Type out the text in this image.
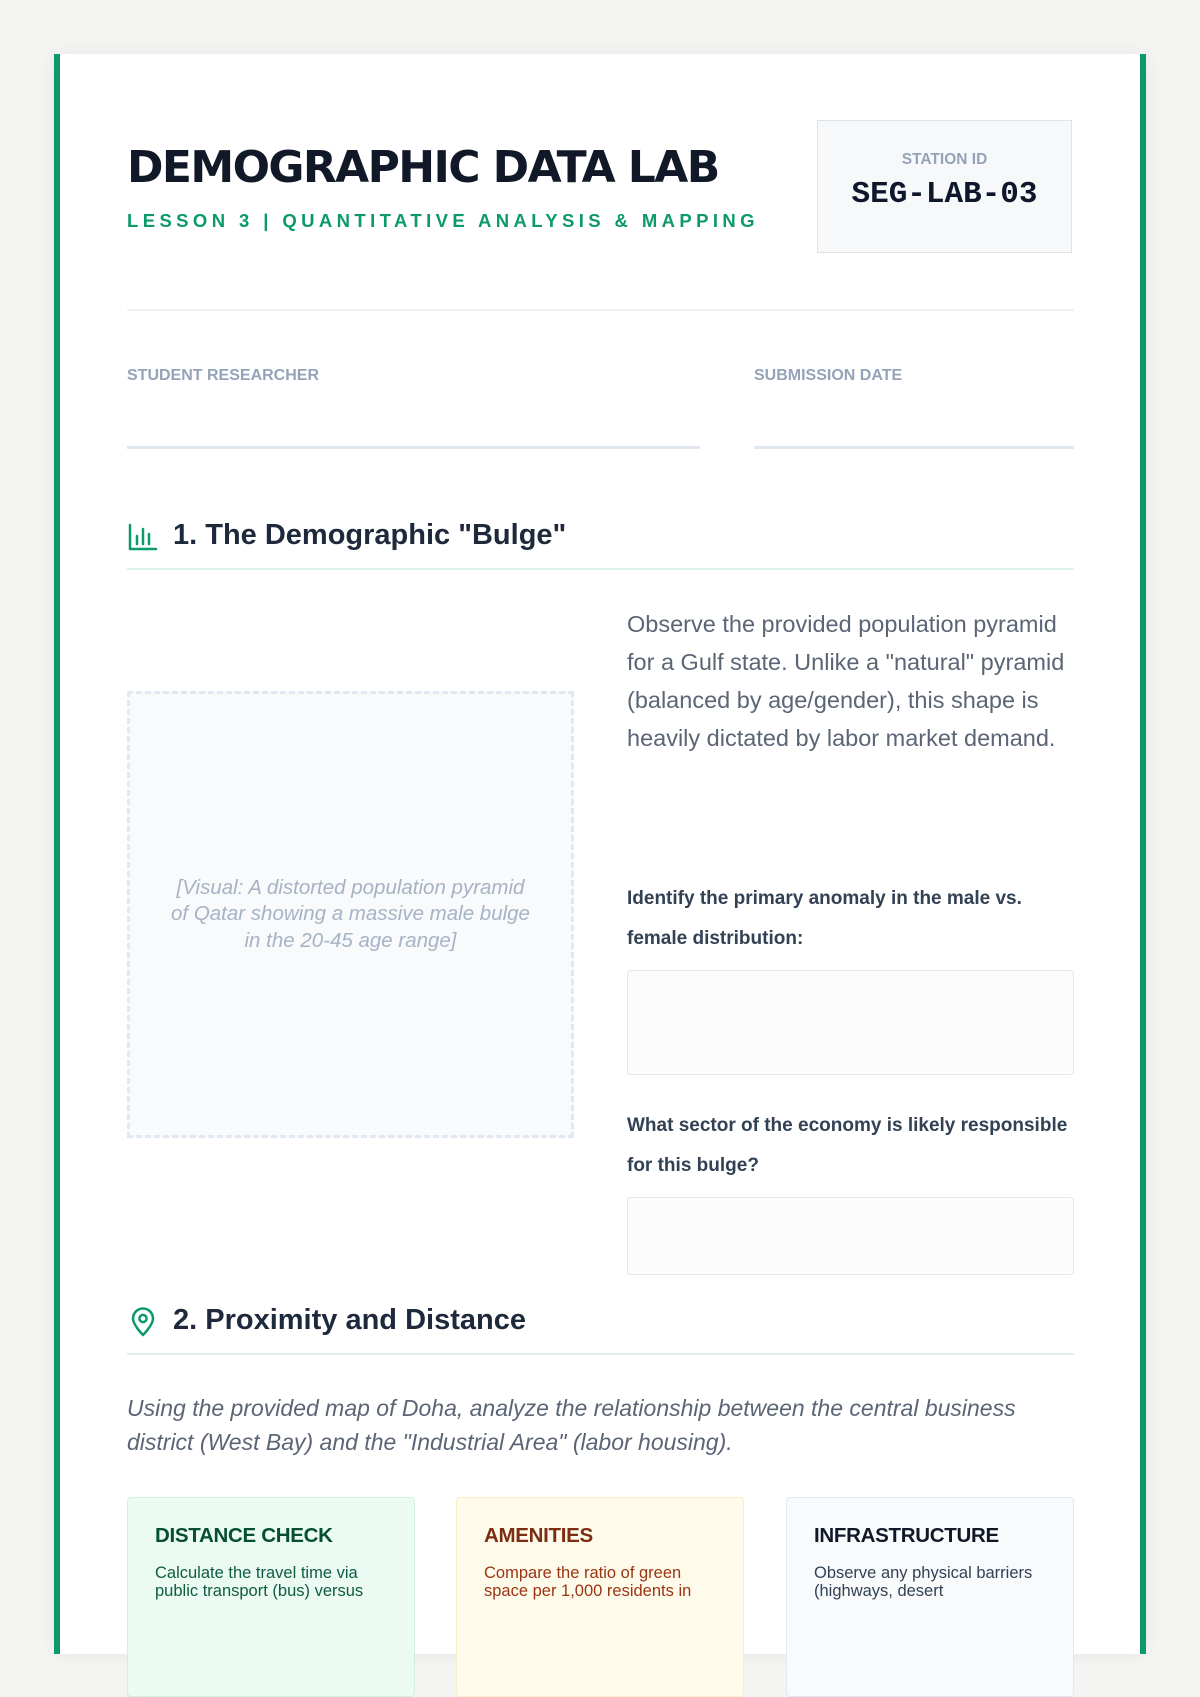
DEMOGRAPHIC DATA LAB
LESSON 3 | QUANTITATIVE ANALYSIS & MAPPING
STATION ID
SEG-LAB-03
STUDENT RESEARCHER	SUBMISSION DATE
1. The Demographic "Bulge"
[Visual: A distorted population pyramid of Qatar showing a massive male bulge in the 20-45 age range]
Observe the provided population pyramid for a Gulf state. Unlike a "natural" pyramid (balanced by age/gender), this shape is heavily dictated by labor market demand.
Identify the primary anomaly in the male vs. female distribution:
What sector of the economy is likely responsible for this bulge?
2. Proximity and Distance
Using the provided map of Doha, analyze the relationship between the central business district (West Bay) and the "Industrial Area" (labor housing).
DISTANCE CHECK
Calculate the travel time via public transport (bus) versus
AMENITIES
Compare the ratio of green space per 1,000 residents in
INFRASTRUCTURE
Observe any physical barriers (highways, desert
